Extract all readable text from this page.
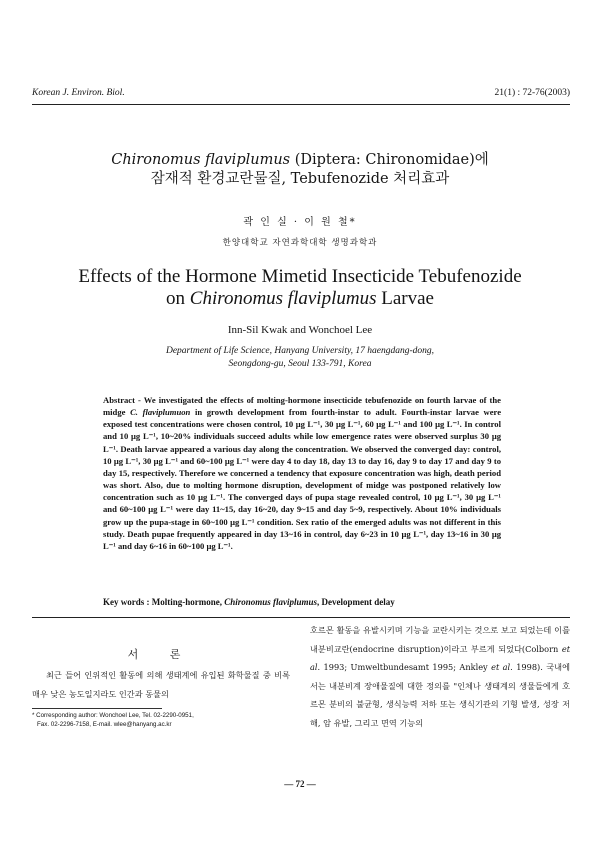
Korean J. Environ. Biol.	21(1) : 72-76(2003)
Chironomus flaviplumus (Diptera: Chironomidae)에
잠재적 환경교란물질, Tebufenozide 처리효과
곽 인 실 · 이 원 철*
한양대학교 자연과학대학 생명과학과
Effects of the Hormone Mimetid Insecticide Tebufenozide
on Chironomus flaviplumus Larvae
Inn-Sil Kwak and Wonchoel Lee
Department of Life Science, Hanyang University, 17 haengdang-dong,
Seongdong-gu, Seoul 133-791, Korea
Abstract - We investigated the effects of molting-hormone insecticide tebufenozide on fourth larvae of the midge C. flaviplumuon in growth development from fourth-instar to adult. Fourth-instar larvae were exposed test concentrations were chosen control, 10 μg L⁻¹, 30 μg L⁻¹, 60 μg L⁻¹ and 100 μg L⁻¹. In control and 10 μg L⁻¹, 10~20% individuals succeed adults while low emergence rates were observed surplus 30 μg L⁻¹. Death larvae appeared a various day along the concentration. We observed the converged day: control, 10 μg L⁻¹, 30 μg L⁻¹ and 60~100 μg L⁻¹ were day 4 to day 18, day 13 to day 16, day 9 to day 17 and day 9 to day 15, respectively. Therefore we concerned a tendency that exposure concentration was high, death period was short. Also, due to molting hormone disruption, development of midge was postponed relatively low concentration such as 10 μg L⁻¹. The converged days of pupa stage revealed control, 10 μg L⁻¹, 30 μg L⁻¹ and 60~100 μg L⁻¹ were day 11~15, day 16~20, day 9~15 and day 5~9, respectively. About 10% individuals grow up the pupa-stage in 60~100 μg L⁻¹ condition. Sex ratio of the emerged adults was not different in this study. Death pupae frequently appeared in day 13~16 in control, day 6~23 in 10 μg L⁻¹, day 13~16 in 30 μg L⁻¹ and day 6~16 in 60~100 μg L⁻¹.
Key words : Molting-hormone, Chironomus flaviplumus, Development delay
서 론
최근 들어 인위적인 활동에 의해 생태계에 유입된 화학물질 중 비록 매우 낮은 농도일지라도 인간과 동물의
호르몬 활동을 유발시키며 기능을 교란시키는 것으로 보고 되었는데 이를 내분비교란(endocrine disruption)이라고 부르게 되었다(Colborn et al. 1993; Umweltbundesamt 1995; Ankley et al. 1998). 국내에서는 내분비계 장애물질에 대한 정의를 "인체나 생태계의 생물들에게 호르몬 분비의 불균형, 생식능력 저하 또는 생식기관의 기형 발생, 성장 저해, 암 유발, 그리고 면역 기능의
* Corresponding author: Wonchoel Lee, Tel. 02-2290-0951,
Fax. 02-2296-7158, E-mail. wlee@hanyang.ac.kr
— 72 —
